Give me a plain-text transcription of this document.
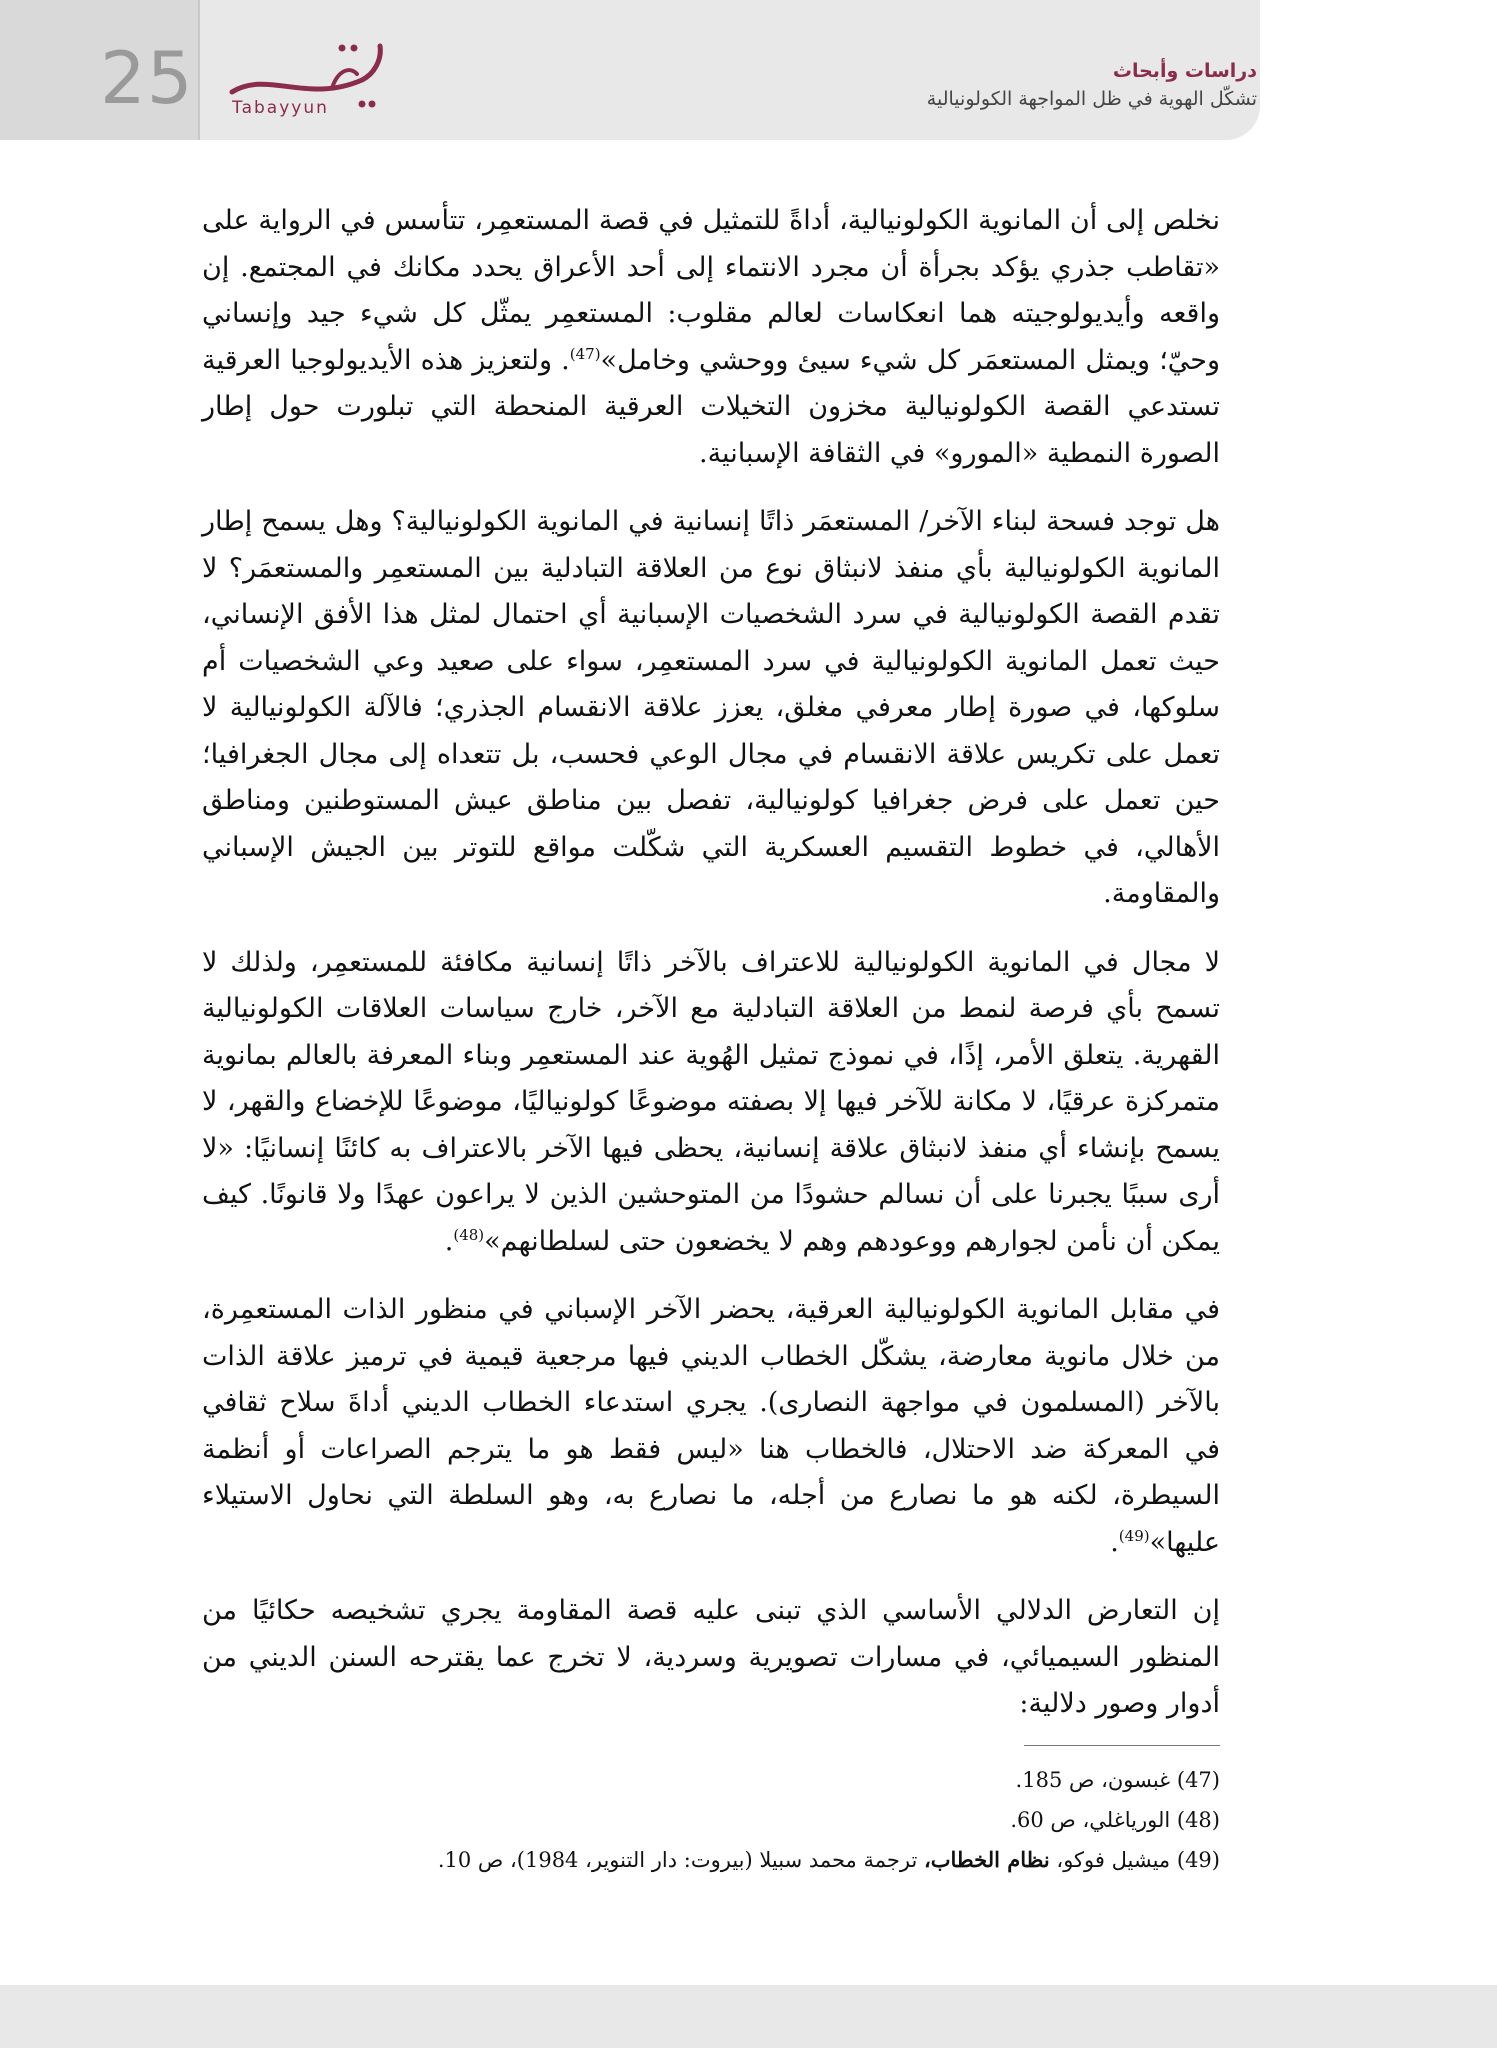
25 Tabayyun
دراسات وأبحاث
تشكّل الهوية في ظل المواجهة الكولونيالية

نخلص إلى أن المانوية الكولونيالية، أداةً للتمثيل في قصة المستعمِر، تتأسس في الرواية على «تقاطب جذري يؤكد بجرأة أن مجرد الانتماء إلى أحد الأعراق يحدد مكانك في المجتمع. إن واقعه وأيديولوجيته هما انعكاسات لعالم مقلوب: المستعمِر يمثّل كل شيء جيد وإنساني وحيّ؛ ويمثل المستعمَر كل شيء سيئ ووحشي وخامل»$^{(47)}$. ولتعزيز هذه الأيديولوجيا العرقية تستدعي القصة الكولونيالية مخزون التخيلات العرقية المنحطة التي تبلورت حول إطار الصورة النمطية «المورو» في الثقافة الإسبانية.

هل توجد فسحة لبناء الآخر/ المستعمَر ذاتًا إنسانية في المانوية الكولونيالية؟ وهل يسمح إطار المانوية الكولونيالية بأي منفذ لانبثاق نوع من العلاقة التبادلية بين المستعمِر والمستعمَر؟ لا تقدم القصة الكولونيالية في سرد الشخصيات الإسبانية أي احتمال لمثل هذا الأفق الإنساني، حيث تعمل المانوية الكولونيالية في سرد المستعمِر، سواء على صعيد وعي الشخصيات أم سلوكها، في صورة إطار معرفي مغلق، يعزز علاقة الانقسام الجذري؛ فالآلة الكولونيالية لا تعمل على تكريس علاقة الانقسام في مجال الوعي فحسب، بل تتعداه إلى مجال الجغرافيا؛ حين تعمل على فرض جغرافيا كولونيالية، تفصل بين مناطق عيش المستوطنين ومناطق الأهالي، في خطوط التقسيم العسكرية التي شكّلت مواقع للتوتر بين الجيش الإسباني والمقاومة.

لا مجال في المانوية الكولونيالية للاعتراف بالآخر ذاتًا إنسانية مكافئة للمستعمِر، ولذلك لا تسمح بأي فرصة لنمط من العلاقة التبادلية مع الآخر، خارج سياسات العلاقات الكولونيالية القهرية. يتعلق الأمر، إذًا، في نموذج تمثيل الهُوية عند المستعمِر وبناء المعرفة بالعالم بمانوية متمركزة عرقيًا، لا مكانة للآخر فيها إلا بصفته موضوعًا كولونياليًا، موضوعًا للإخضاع والقهر، لا يسمح بإنشاء أي منفذ لانبثاق علاقة إنسانية، يحظى فيها الآخر بالاعتراف به كائنًا إنسانيًا: «لا أرى سببًا يجبرنا على أن نسالم حشودًا من المتوحشين الذين لا يراعون عهدًا ولا قانونًا. كيف يمكن أن نأمن لجوارهم ووعودهم وهم لا يخضعون حتى لسلطانهم»$^{(48)}$.

في مقابل المانوية الكولونيالية العرقية، يحضر الآخر الإسباني في منظور الذات المستعمِرة، من خلال مانوية معارضة، يشكّل الخطاب الديني فيها مرجعية قيمية في ترميز علاقة الذات بالآخر (المسلمون في مواجهة النصارى). يجري استدعاء الخطاب الديني أداةَ سلاح ثقافي في المعركة ضد الاحتلال، فالخطاب هنا «ليس فقط هو ما يترجم الصراعات أو أنظمة السيطرة، لكنه هو ما نصارع من أجله، ما نصارع به، وهو السلطة التي نحاول الاستيلاء عليها»$^{(49)}$.

إن التعارض الدلالي الأساسي الذي تبنى عليه قصة المقاومة يجري تشخيصه حكائيًا من المنظور السيميائي، في مسارات تصويرية وسردية، لا تخرج عما يقترحه السنن الديني من أدوار وصور دلالية:

(47) غبسون، ص 185.

(48) الورياغلي، ص 60.

(49) ميشيل فوكو، نظام الخطاب، ترجمة محمد سبيلا (بيروت: دار التنوير، 1984)، ص 10.
